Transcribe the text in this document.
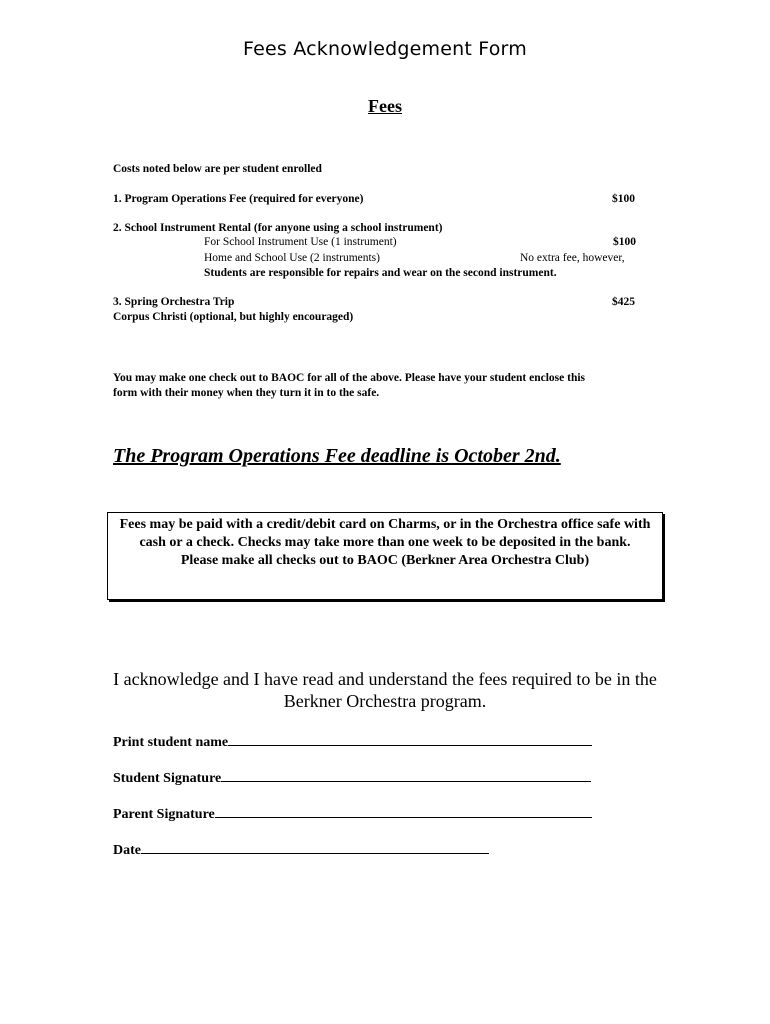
Fees Acknowledgement Form
Fees
Costs noted below are per student enrolled
1. Program Operations Fee (required for everyone)	$100
2. School Instrument Rental (for anyone using a school instrument)
For School Instrument Use (1 instrument)	$100
Home and School Use (2 instruments)	No extra fee, however,
Students are responsible for repairs and wear on the second instrument.
3. Spring Orchestra Trip	$425
Corpus Christi (optional, but highly encouraged)
You may make one check out to BAOC for all of the above. Please have your student enclose this
form with their money when they turn it in to the safe.
The Program Operations Fee deadline is October 2nd.
Fees may be paid with a credit/debit card on Charms, or in the Orchestra office safe with cash or a check. Checks may take more than one week to be deposited in the bank.
Please make all checks out to BAOC (Berkner Area Orchestra Club)
I acknowledge and I have read and understand the fees required to be in the Berkner Orchestra program.
Print student name
Student Signature
Parent Signature
Date
